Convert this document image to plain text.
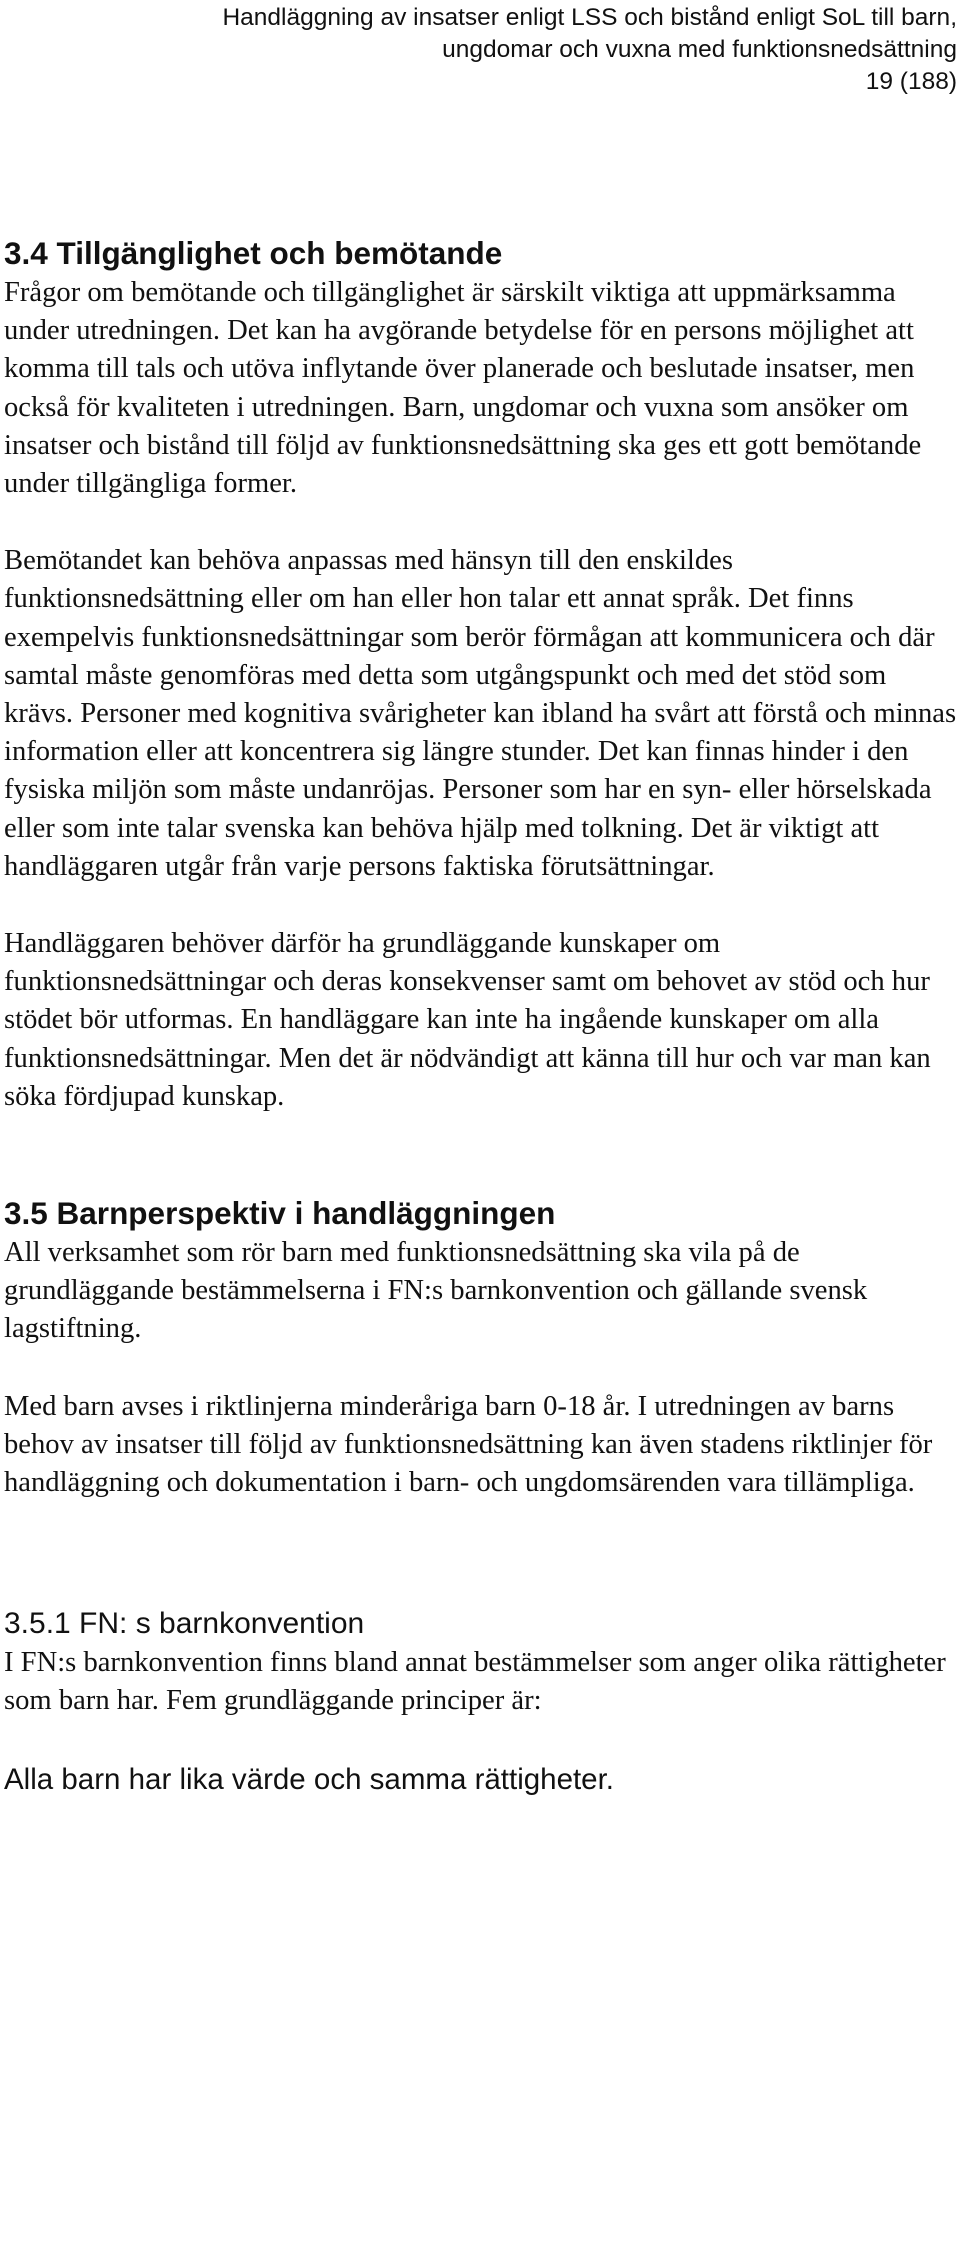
Handläggning av insatser enligt LSS och bistånd enligt SoL till barn,
ungdomar och vuxna med funktionsnedsättning
19 (188)
3.4 Tillgänglighet och bemötande

Frågor om bemötande och tillgänglighet är särskilt viktiga att uppmärksamma under utredningen. Det kan ha avgörande betydelse för en persons möjlighet att komma till tals och utöva inflytande över planerade och beslutade insatser, men också för kvaliteten i utredningen. Barn, ungdomar och vuxna som ansöker om insatser och bistånd till följd av funktionsnedsättning ska ges ett gott bemötande under tillgängliga former.

Bemötandet kan behöva anpassas med hänsyn till den enskildes funktionsnedsättning eller om han eller hon talar ett annat språk. Det finns exempelvis funktionsnedsättningar som berör förmågan att kommunicera och där samtal måste genomföras med detta som utgångspunkt och med det stöd som krävs. Personer med kognitiva svårigheter kan ibland ha svårt att förstå och minnas information eller att koncentrera sig längre stunder. Det kan finnas hinder i den fysiska miljön som måste undanröjas. Personer som har en syn- eller hörselskada eller som inte talar svenska kan behöva hjälp med tolkning. Det är viktigt att handläggaren utgår från varje persons faktiska förutsättningar.

Handläggaren behöver därför ha grundläggande kunskaper om funktionsnedsättningar och deras konsekvenser samt om behovet av stöd och hur stödet bör utformas. En handläggare kan inte ha ingående kunskaper om alla funktionsnedsättningar. Men det är nödvändigt att känna till hur och var man kan söka fördjupad kunskap.

3.5 Barnperspektiv i handläggningen

All verksamhet som rör barn med funktionsnedsättning ska vila på de grundläggande bestämmelserna i FN:s barnkonvention och gällande svensk lagstiftning.

Med barn avses i riktlinjerna minderåriga barn 0-18 år. I utredningen av barns behov av insatser till följd av funktionsnedsättning kan även stadens riktlinjer för handläggning och dokumentation i barn- och ungdomsärenden vara tillämpliga.

3.5.1 FN: s barnkonvention

I FN:s barnkonvention finns bland annat bestämmelser som anger olika rättigheter som barn har. Fem grundläggande principer är:

Alla barn har lika värde och samma rättigheter.
